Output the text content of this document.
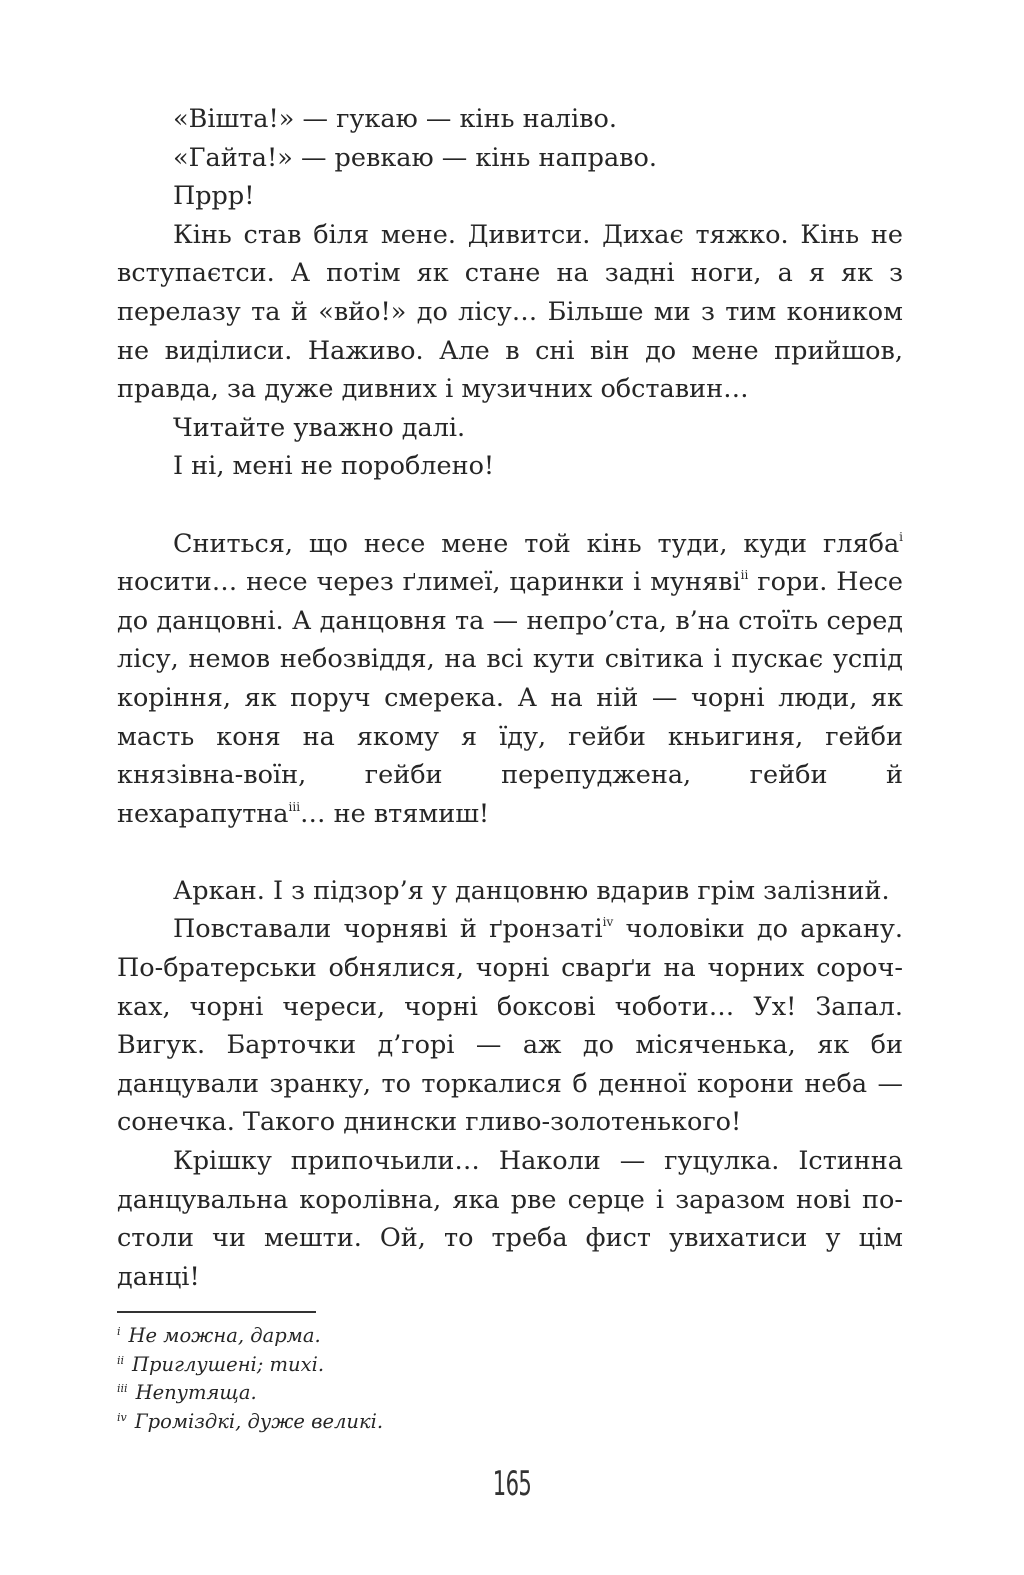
«Вішта!» — гукаю — кінь наліво.

«Гайта!» — ревкаю — кінь направо.

Пррр!

Кінь став біля мене. Дивитси. Дихає тяжко. Кінь не вступаєтси. А потім як стане на задні ноги, а я як з перелазу та й «вйо!» до лісу… Більше ми з тим коником не виділиси. Наживо. Але в сні він до мене прийшов, правда, за дуже дивних і музичних обставин…

Читайте уважно далі.

І ні, мені не пороблено!

Сниться, що несе мене той кінь туди, куди гляба$^i$ носити… несе через ґлимеї, царинки і муняві$^{ii}$ гори. Несе до данцовні. А данцовня та — непро’ста, в’на стоїть серед лісу, немов небозвіддя, на всі кути світика і пускає успід коріння, як поруч смерека. А на ній — чорні люди, як масть коня на якому я їду, гейби кньигиня, гейби князівна-воїн, гейби перепуджена, гейби й нехарапутна$^{iii}$… не втямиш!

Аркан. І з підзор’я у данцовню вдарив грім залізний.

Повставали чорняві й ґронзаті$^{iv}$ чоловіки до аркану. По-братерськи обнялися, чорні сварґи на чорних сорочках, чорні череси, чорні боксові чоботи… Ух! Запал. Вигук. Барточки д’горі — аж до місяченька, як би данцували зранку, то торкалися б денної корони неба — сонечка. Такого днински гливо-золотенького!

Крішку припочьили… Наколи — гуцулка. Істинна данцувальна королівна, яка рве серце і заразом нові постоли чи мешти. Ой, то треба фист увихатиси у цім данці!

$^i$ Не можна, дарма.
$^{ii}$ Приглушені; тихі.
$^{iii}$ Непутяща.
$^{iv}$ Громіздкі, дуже великі.
165
